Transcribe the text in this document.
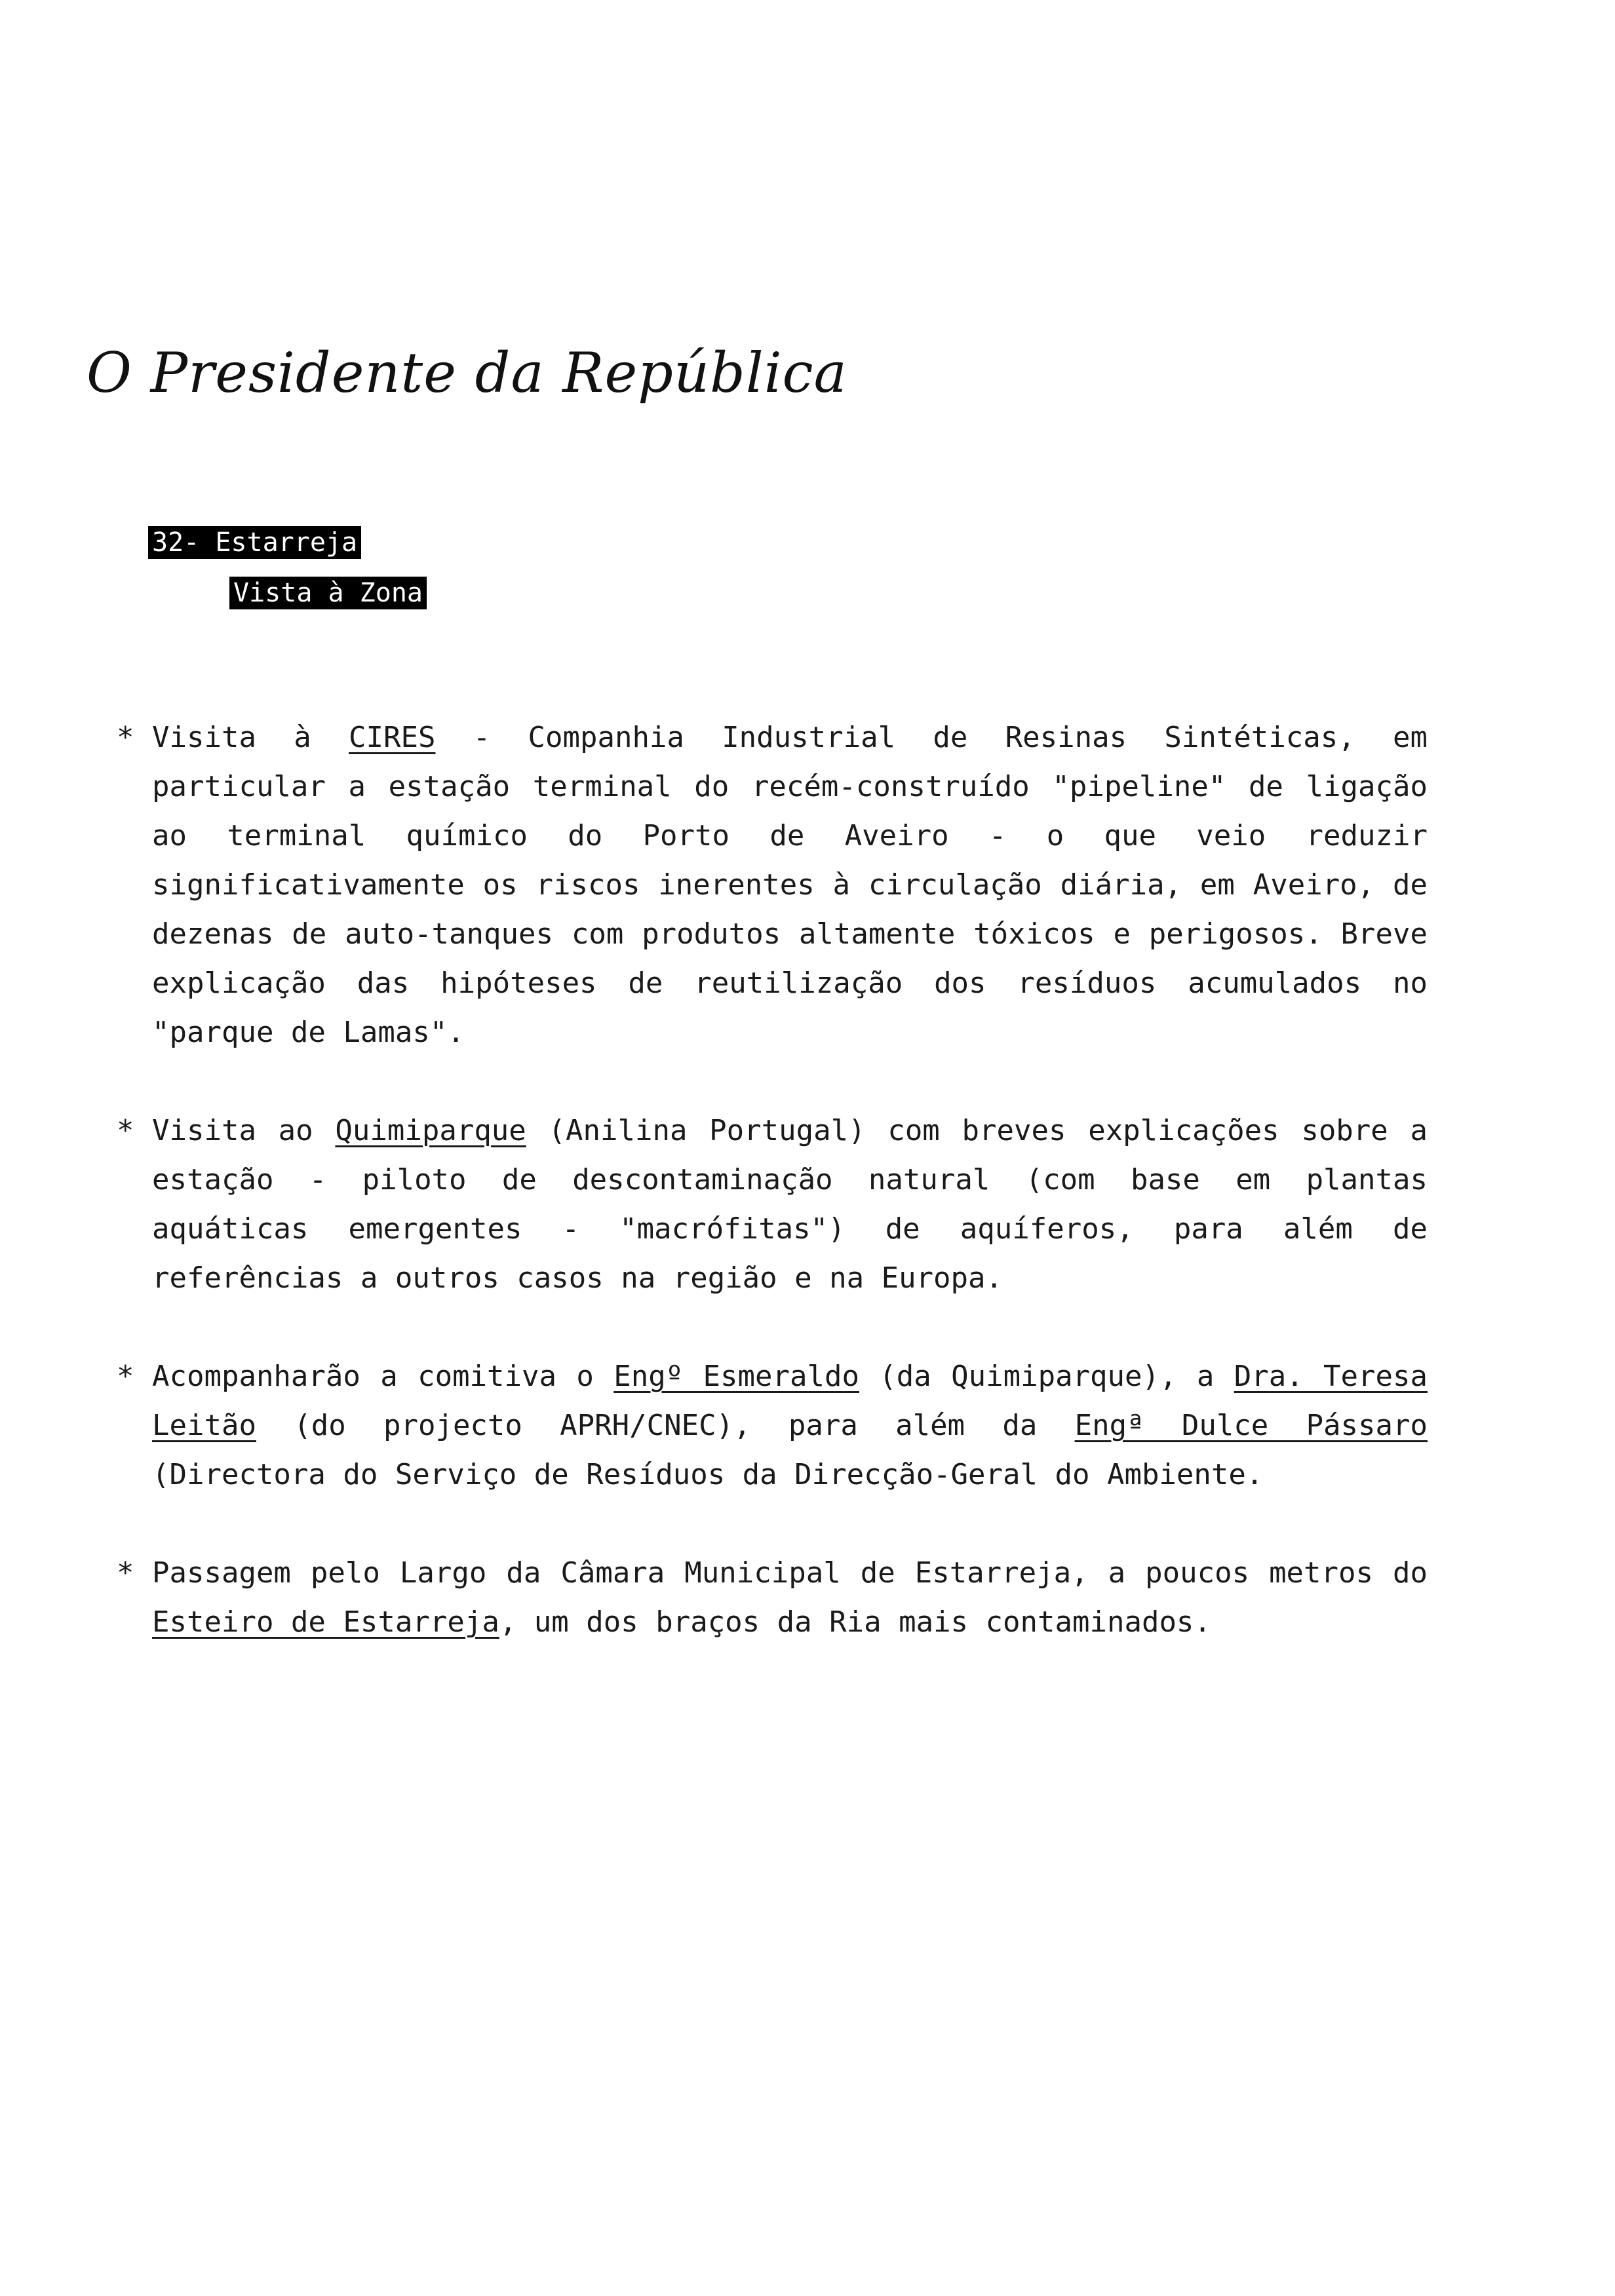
O Presidente da República
32- Estarreja
Vista à Zona
* Visita à CIRES - Companhia Industrial de Resinas Sintéticas, em particular a estação terminal do recém-construído "pipeline" de ligação ao terminal químico do Porto de Aveiro - o que veio reduzir significativamente os riscos inerentes à circulação diária, em Aveiro, de dezenas de auto-tanques com produtos altamente tóxicos e perigosos. Breve explicação das hipóteses de reutilização dos resíduos acumulados no "parque de Lamas".
* Visita ao Quimiparque (Anilina Portugal) com breves explicações sobre a estação - piloto de descontaminação natural (com base em plantas aquáticas emergentes - "macrófitas") de aquíferos, para além de referências a outros casos na região e na Europa.
* Acompanharão a comitiva o Engº Esmeraldo (da Quimiparque), a Dra. Teresa Leitão (do projecto APRH/CNEC), para além da Engª Dulce Pássaro (Directora do Serviço de Resíduos da Direcção-Geral do Ambiente.
* Passagem pelo Largo da Câmara Municipal de Estarreja, a poucos metros do Esteiro de Estarreja, um dos braços da Ria mais contaminados.
